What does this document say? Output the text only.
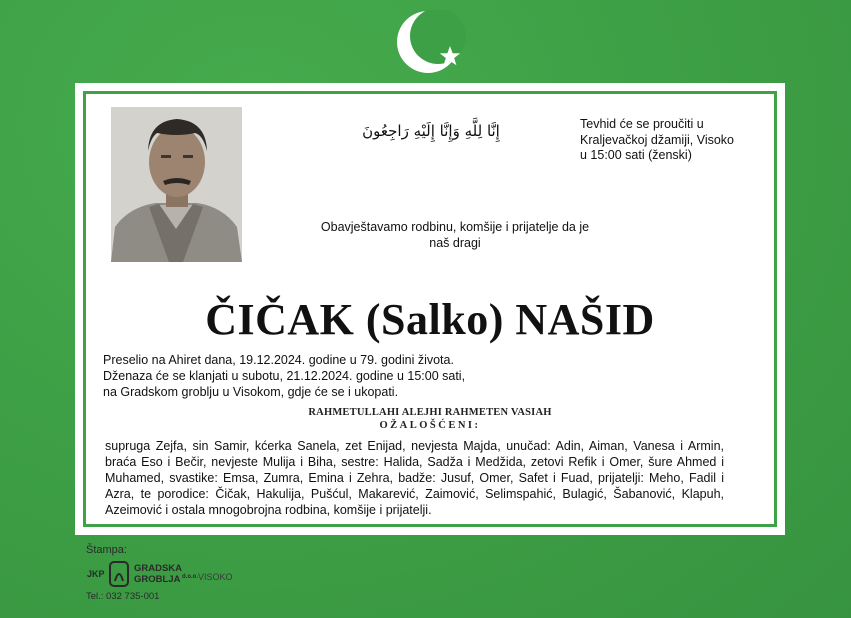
إِنَّا لِلَّهِ وَإِنَّا إِلَيْهِ رَاجِعُونَ	Tevhid će se proučiti u
Kraljevačkoj džamiji, Visoko
u 15:00 sati (ženski)
Obavještavamo rodbinu, komšije i prijatelje da je
naš dragi
ČIČAK (Salko) NAŠID
Preselio na Ahiret dana, 19.12.2024. godine u 79. godini života.
Dženaza će se klanjati u subotu, 21.12.2024. godine u 15:00 sati,
na Gradskom groblju u Visokom, gdje će se i ukopati.
RAHMETULLAHI ALEJHI RAHMETEN VASIAH
OŽALOŠĆENI:
supruga Zejfa, sin Samir, kćerka Sanela, zet Enijad, nevjesta Majda, unučad: Adin, Aiman, Vanesa i Armin, braća Eso i Bečir, nevjeste Mulija i Biha, sestre: Halida, Sadža i Medžida, zetovi Refik i Omer, šure Ahmed i Muhamed, svastike: Emsa, Zumra, Emina i Zehra, badže: Jusuf, Omer, Safet i Fuad, prijatelji: Meho, Fadil i Azra, te porodice: Čičak, Hakulija, Pušćul, Makarević, Zaimović, Selimspahić, Bulagić, Šabanović, Klapuh, Azeimović i ostala mnogobrojna rodbina, komšije i prijatelji.
Štampa:
JKP	GRADSKA
GROBLJA d.o.o. VISOKO
Tel.: 032 735-001
